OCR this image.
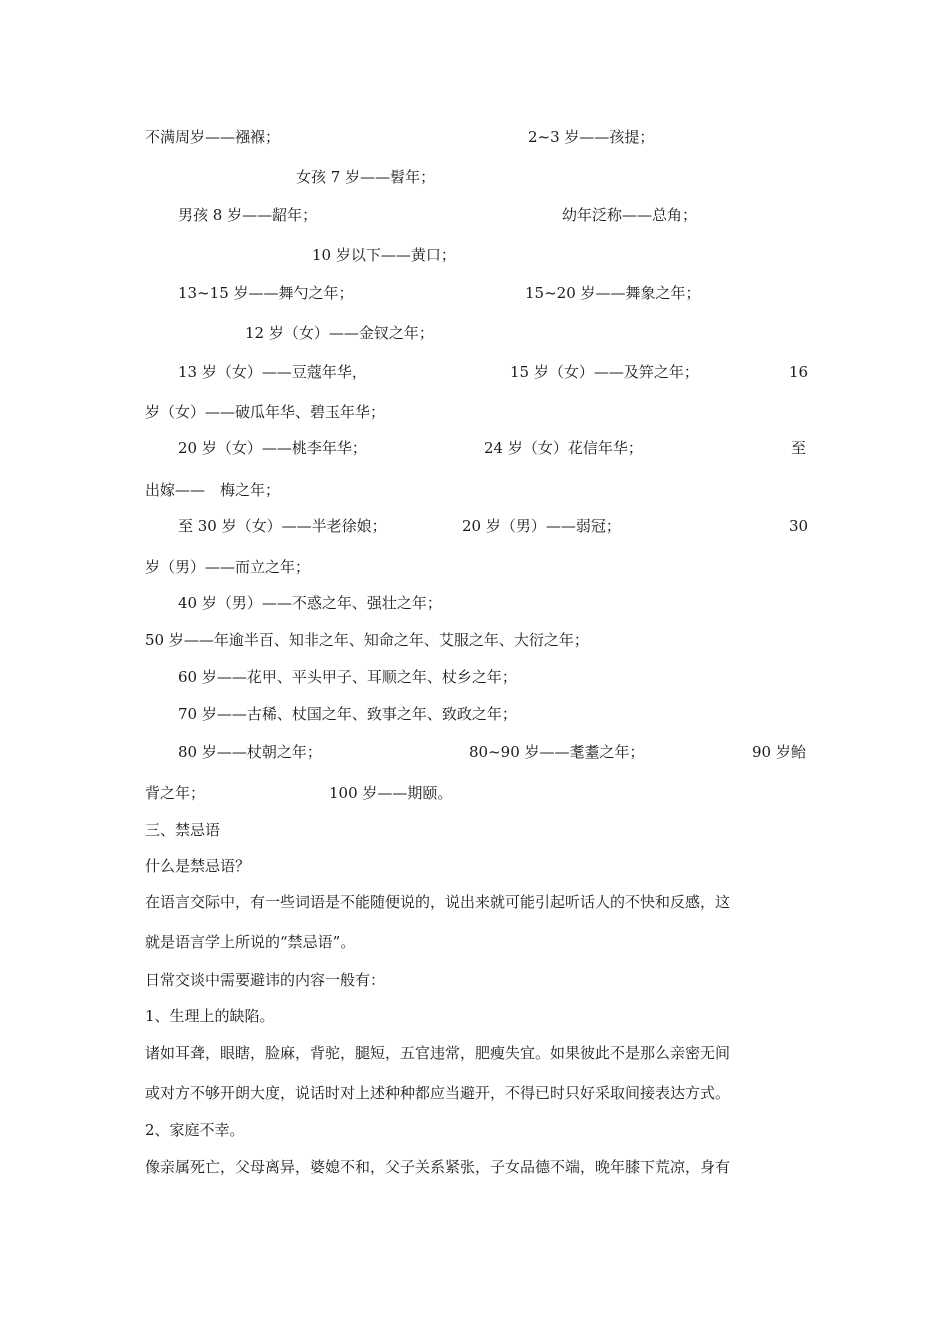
不满周岁——襁褓；	2~3 岁——孩提；
女孩 7 岁——髫年；
男孩 8 岁——龆年；	幼年泛称——总角；
10 岁以下——黄口；
13~15 岁——舞勺之年；	15~20 岁——舞象之年；
12 岁（女）——金钗之年；
13 岁（女）——豆蔻年华，	15 岁（女）——及笄之年；	16
岁（女）——破瓜年华、碧玉年华；
20 岁（女）——桃李年华；	24 岁（女）花信年华；	至
出嫁——　梅之年；
至 30 岁（女）——半老徐娘；	20 岁（男）——弱冠；	30
岁（男）——而立之年；
40 岁（男）——不惑之年、强壮之年；
50 岁——年逾半百、知非之年、知命之年、艾服之年、大衍之年；
60 岁——花甲、平头甲子、耳顺之年、杖乡之年；
70 岁——古稀、杖国之年、致事之年、致政之年；
80 岁——杖朝之年；	80~90 岁——耄耋之年；	90 岁鲐
背之年；	100 岁——期颐。
三、禁忌语
什么是禁忌语？
在语言交际中，有一些词语是不能随便说的，说出来就可能引起听话人的不快和反感，这
就是语言学上所说的“禁忌语”。
日常交谈中需要避讳的内容一般有：
1、生理上的缺陷。
诸如耳聋，眼瞎，脸麻，背驼，腿短，五官违常，肥瘦失宜。如果彼此不是那么亲密无间
或对方不够开朗大度，说话时对上述种种都应当避开，不得已时只好采取间接表达方式。
2、家庭不幸。
像亲属死亡，父母离异，婆媳不和，父子关系紧张，子女品德不端，晚年膝下荒凉，身有
